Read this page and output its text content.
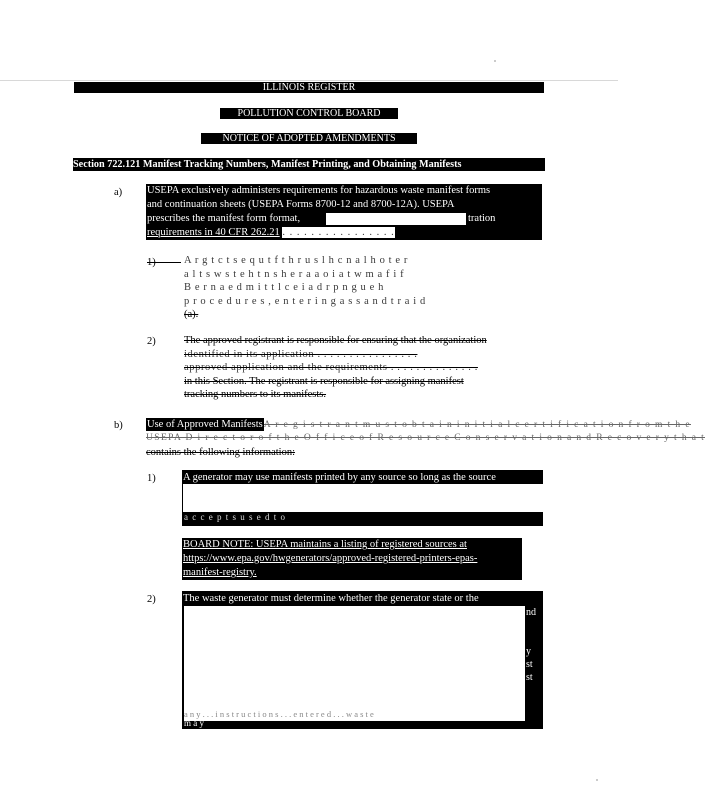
ILLINOIS REGISTER
POLLUTION CONTROL BOARD
NOTICE OF ADOPTED AMENDMENTS
Section 722.121 Manifest Tracking Numbers, Manifest Printing, and Obtaining Manifests
a) USEPA exclusively administers requirements for hazardous waste manifest forms
and continuation sheets (USEPA Forms 8700-12 and 8700-12A). USEPA
prescribes the manifest form format,	tration
requirements in 40 CFR 262.21 . . . . . . . . . . . . . . . .
A r g t c t s e q u t f t h r u s l h c n a l h o t e r
a l t s w s t e h t n s h e r a a o i a t w m a f i f
B e r n a e d m i t t l c e i a d r p n g u e h
p r o c e d u r e s , e n t e r i n g a s s a n d t r a i d
(a).
2)	The approved registrant is responsible for ensuring that the organization
identified in its application . . . . . . . . . . . . . . . .
approved application and the requirements . . . . . . . . . . . . . .
in this Section. The registrant is responsible for assigning manifest
tracking numbers to its manifests.
b) Use of Approved ManifestsA r e g i s t r a n t m u s t o b t a i n i n i t i a l c e r t i f i c a t i o n f r o m t h e
USEPA D i r e c t o r o f t h e O f f i c e o f R e s o u r c e C o n s e r v a t i o n a n d R e c o v e r y t h a t
contains the following information:
1)	A generator may use manifests printed by any source so long as the source
a c c e p t s u s e d t o
BOARD NOTE: USEPA maintains a listing of registered sources at
https://www.epa.gov/hwgenerators/approved-registered-printers-epas-
manifest-registry.
2)	The waste generator must determine whether the generator state or the
nd
y
st
st
a n y . . . i n s t r u c t i o n s . . . e n t e r e d . . . w a s t e
m a y
